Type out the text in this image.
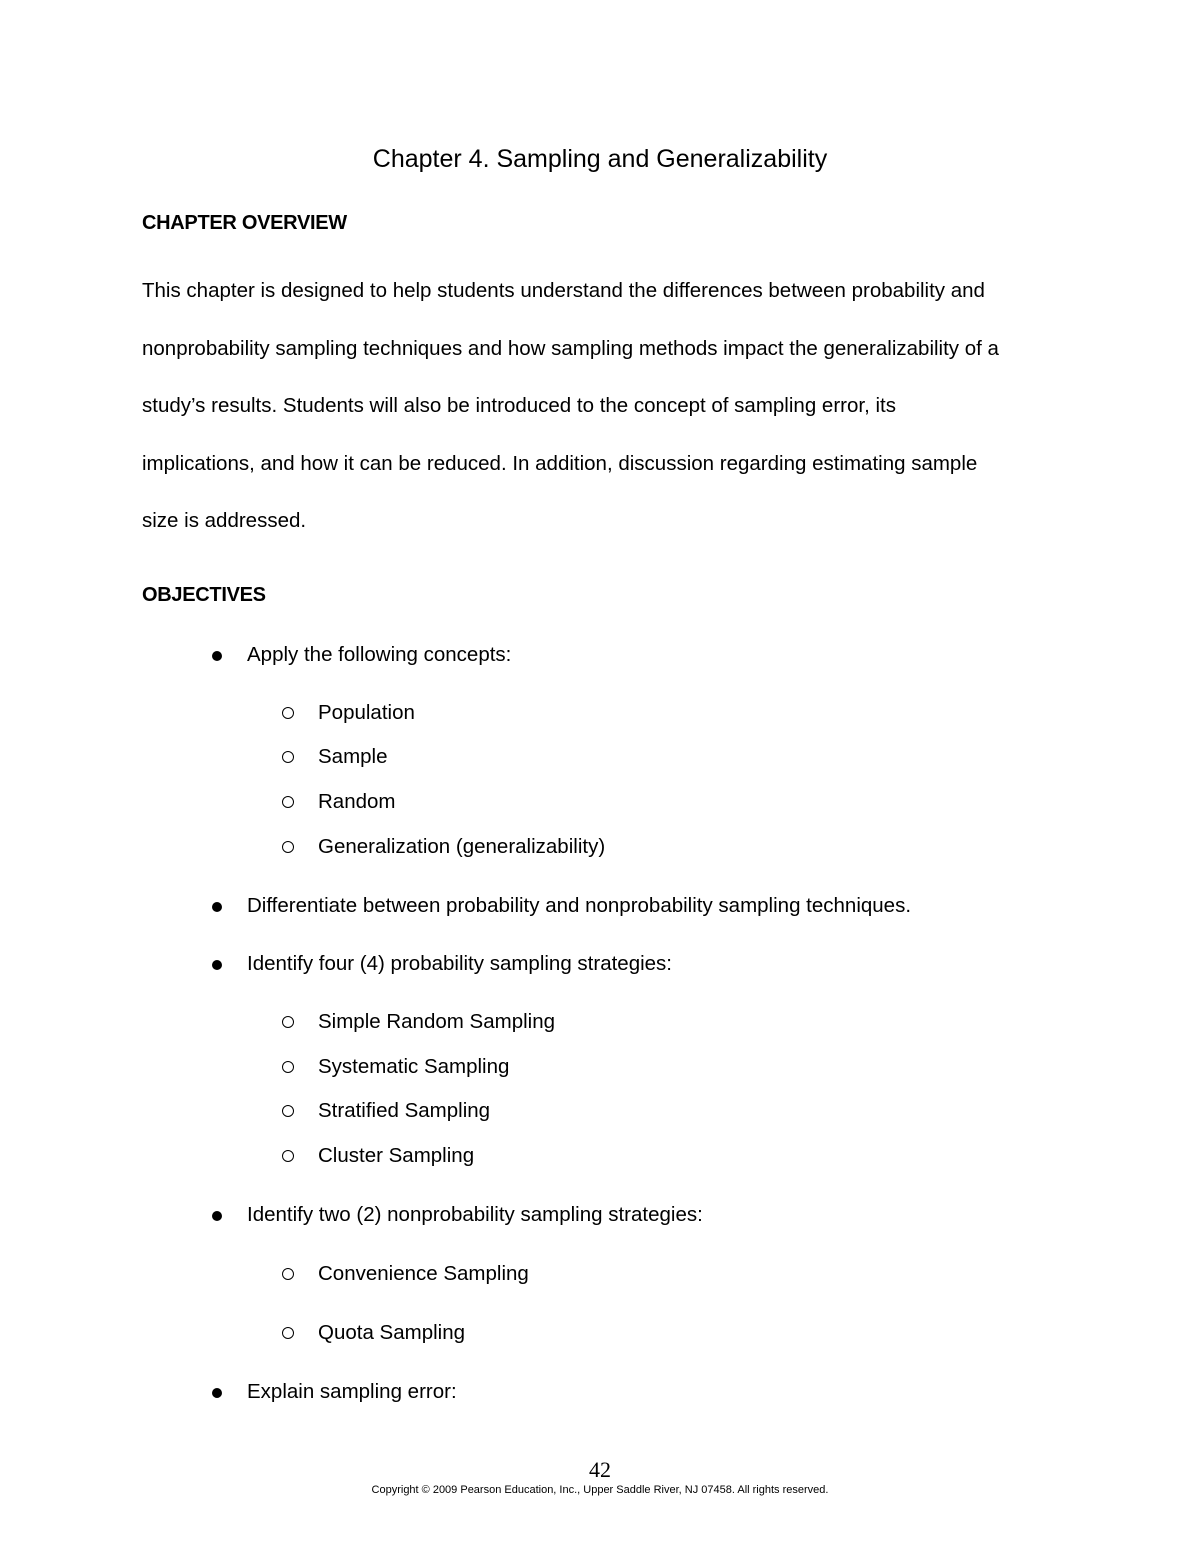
Chapter 4. Sampling and Generalizability
CHAPTER OVERVIEW
This chapter is designed to help students understand the differences between probability and
nonprobability sampling techniques and how sampling methods impact the generalizability of a
study’s results. Students will also be introduced to the concept of sampling error, its
implications, and how it can be reduced. In addition, discussion regarding estimating sample
size is addressed.
OBJECTIVES
Apply the following concepts:
Population
Sample
Random
Generalization (generalizability)
Differentiate between probability and nonprobability sampling techniques.
Identify four (4) probability sampling strategies:
Simple Random Sampling
Systematic Sampling
Stratified Sampling
Cluster Sampling
Identify two (2) nonprobability sampling strategies:
Convenience Sampling
Quota Sampling
Explain sampling error:
42
Copyright © 2009 Pearson Education, Inc., Upper Saddle River, NJ 07458. All rights reserved.
